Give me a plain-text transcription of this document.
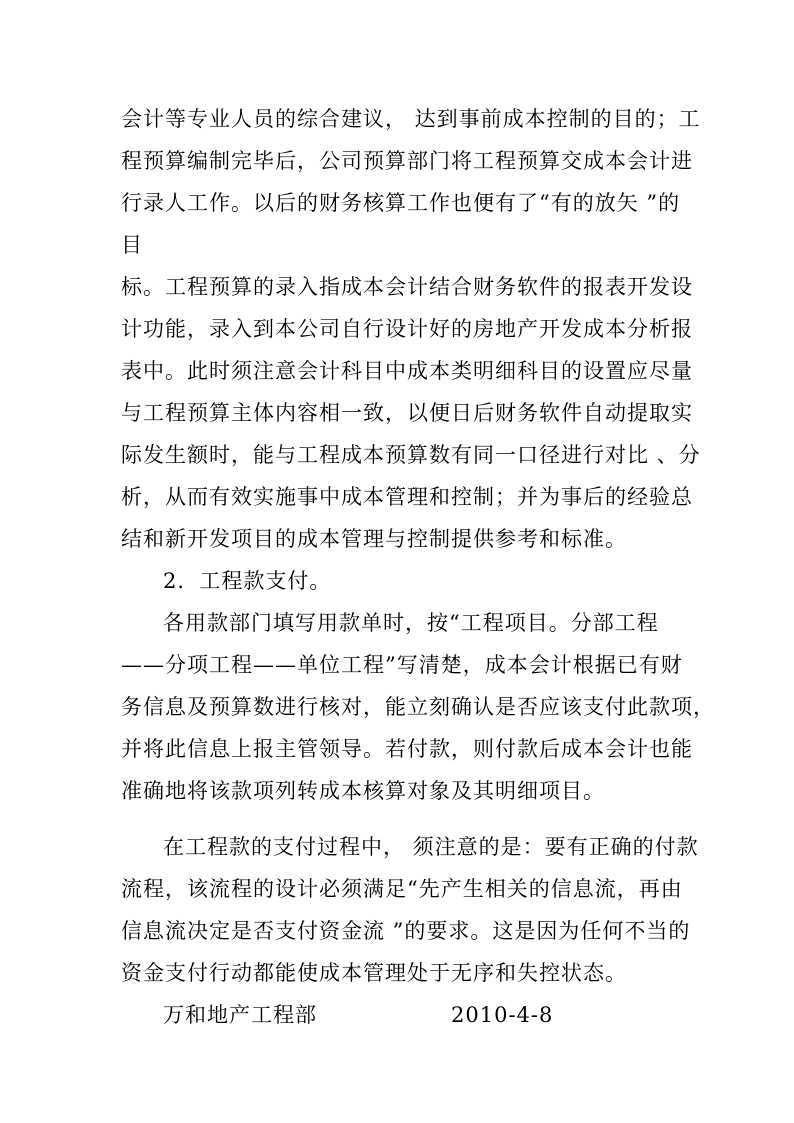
会计等专业人员的综合建议， 达到事前成本控制的目的；工
程预算编制完毕后，公司预算部门将工程预算交成本会计进
行录人工作。以后的财务核算工作也便有了“有的放矢 ”的
目
标。工程预算的录入指成本会计结合财务软件的报表开发设
计功能，录入到本公司自行设计好的房地产开发成本分析报
表中。此时须注意会计科目中成本类明细科目的设置应尽量
与工程预算主体内容相一致，以便日后财务软件自动提取实
际发生额时，能与工程成本预算数有同一口径进行对比 、分
析，从而有效实施事中成本管理和控制；并为事后的经验总
结和新开发项目的成本管理与控制提供参考和标准。
2．工程款支付。
各用款部门填写用款单时，按“工程项目。分部工程
——分项工程——单位工程”写清楚，成本会计根据已有财
务信息及预算数进行核对，能立刻确认是否应该支付此款项，
并将此信息上报主管领导。若付款，则付款后成本会计也能
准确地将该款项列转成本核算对象及其明细项目。
在工程款的支付过程中， 须注意的是：要有正确的付款
流程，该流程的设计必须满足“先产生相关的信息流，再由
信息流决定是否支付资金流 ”的要求。这是因为任何不当的
资金支付行动都能使成本管理处于无序和失控状态。
万和地产工程部	2010-4-8
